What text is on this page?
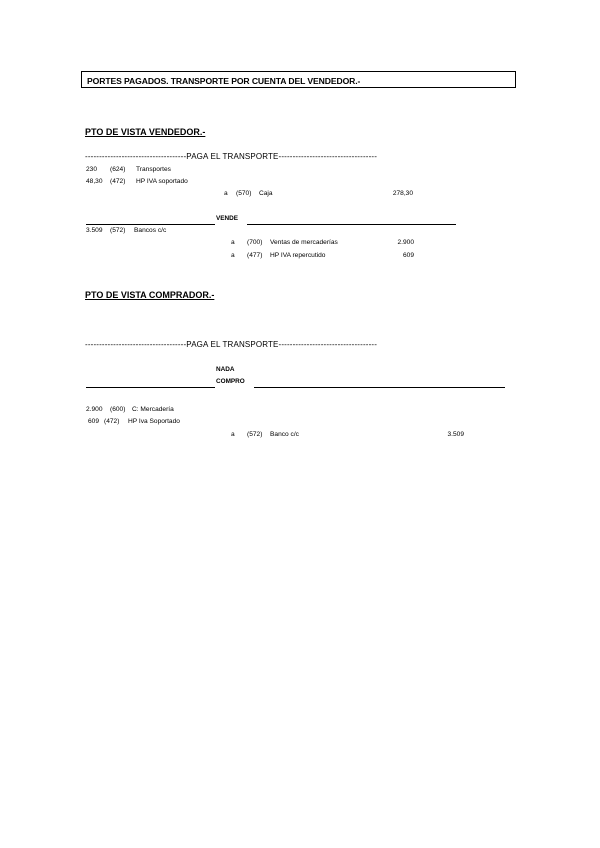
PORTES PAGADOS. TRANSPORTE POR CUENTA DEL VENDEDOR.-
PTO DE VISTA VENDEDOR.-
------------------------------------PAGA EL TRANSPORTE-----------------------------------
230 (624) Transportes
48,30 (472) HP IVA soportado
a (570) Caja	278,30
VENDE
3.509 (572) Bancos c/c
a (700) Ventas de mercaderías	2.900
a (477) HP IVA repercutido	609
PTO DE VISTA COMPRADOR.-
------------------------------------PAGA EL TRANSPORTE-----------------------------------
NADA
COMPRO
2.900 (600) C: Mercadería
609 (472) HP Iva Soportado
a (572) Banco c/c	3.509
